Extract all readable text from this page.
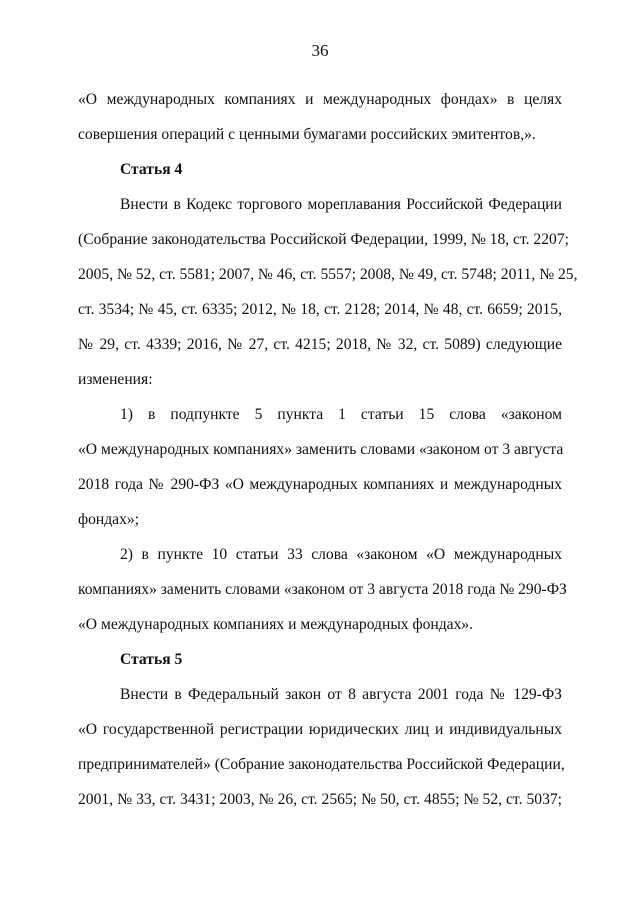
36
«О международных компаниях и международных фондах» в целях
совершения операций с ценными бумагами российских эмитентов,».
Статья 4
Внести в Кодекс торгового мореплавания Российской Федерации
(Собрание законодательства Российской Федерации, 1999, № 18, ст. 2207;
2005, № 52, ст. 5581; 2007, № 46, ст. 5557; 2008, № 49, ст. 5748; 2011, № 25,
ст. 3534; № 45, ст. 6335; 2012, № 18, ст. 2128; 2014, № 48, ст. 6659; 2015,
№ 29, ст. 4339; 2016, № 27, ст. 4215; 2018, № 32, ст. 5089) следующие
изменения:
1) в подпункте 5 пункта 1 статьи 15 слова «законом
«О международных компаниях» заменить словами «законом от 3 августа
2018 года № 290-ФЗ «О международных компаниях и международных
фондах»;
2) в пункте 10 статьи 33 слова «законом «О международных
компаниях» заменить словами «законом от 3 августа 2018 года № 290-ФЗ
«О международных компаниях и международных фондах».
Статья 5
Внести в Федеральный закон от 8 августа 2001 года № 129-ФЗ
«О государственной регистрации юридических лиц и индивидуальных
предпринимателей» (Собрание законодательства Российской Федерации,
2001, № 33, ст. 3431; 2003, № 26, ст. 2565; № 50, ст. 4855; № 52, ст. 5037;
